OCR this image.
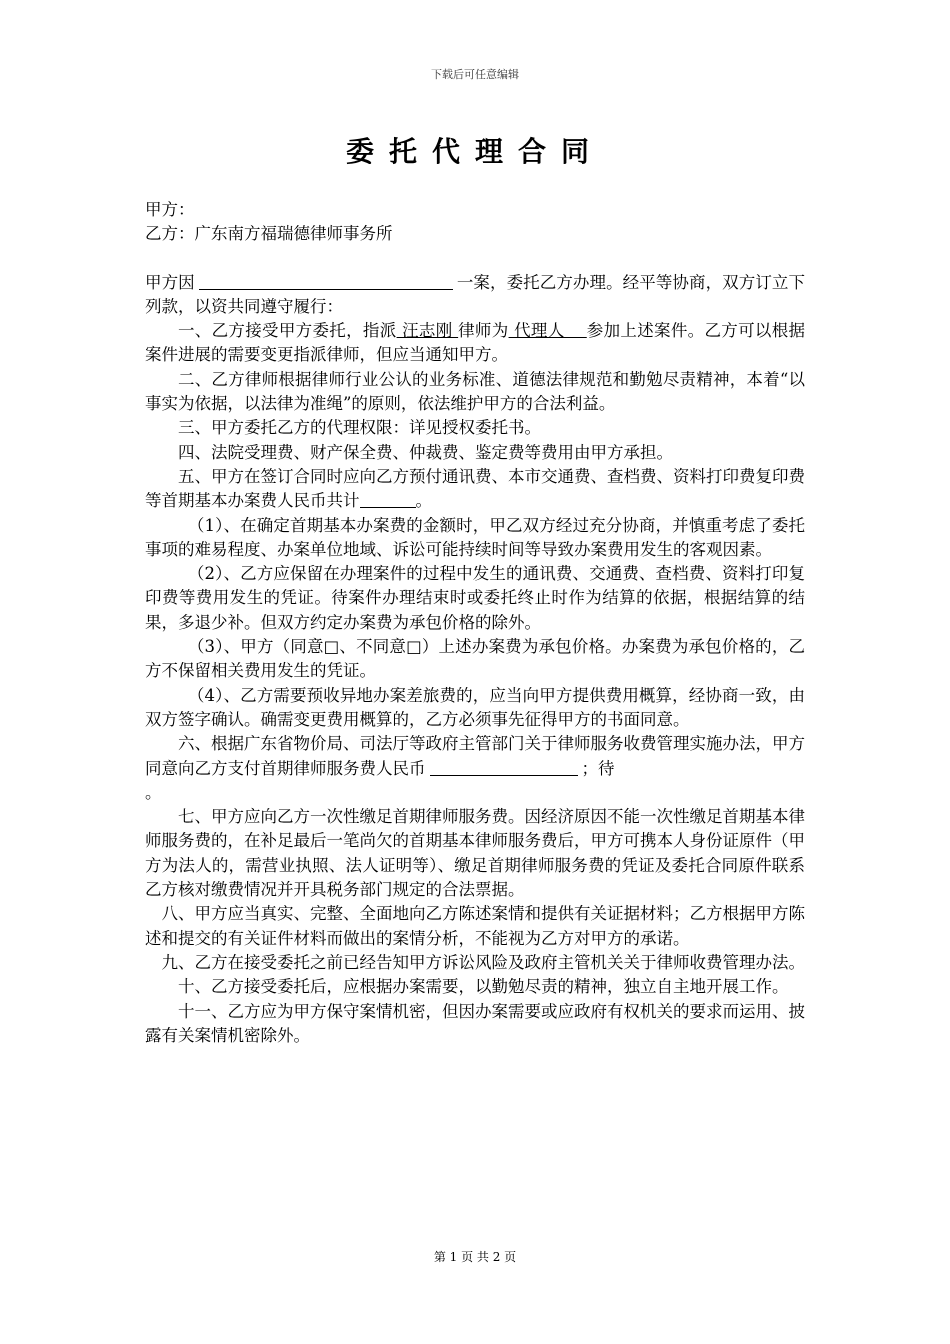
下载后可任意编辑
委托代理合同

甲方：

乙方：广东南方福瑞德律师事务所

甲方因	一案，委托乙方办理。经平等协商，双方订立下列款，以资共同遵守履行：

一、乙方接受甲方委托，指派 汪志刚 律师为 代理人    参加上述案件。乙方可以根据案件进展的需要变更指派律师，但应当通知甲方。

二、乙方律师根据律师行业公认的业务标准、道德法律规范和勤勉尽责精神，本着“以事实为依据，以法律为准绳”的原则，依法维护甲方的合法利益。

三、甲方委托乙方的代理权限：详见授权委托书。

四、法院受理费、财产保全费、仲裁费、鉴定费等费用由甲方承担。

五、甲方在签订合同时应向乙方预付通讯费、本市交通费、查档费、资料打印费复印费等首期基本办案费人民币共计	。

（1）、在确定首期基本办案费的金额时，甲乙双方经过充分协商，并慎重考虑了委托事项的难易程度、办案单位地域、诉讼可能持续时间等导致办案费用发生的客观因素。

（2）、乙方应保留在办理案件的过程中发生的通讯费、交通费、查档费、资料打印复印费等费用发生的凭证。待案件办理结束时或委托终止时作为结算的依据，根据结算的结果，多退少补。但双方约定办案费为承包价格的除外。

（3）、甲方（同意□、不同意□）上述办案费为承包价格。办案费为承包价格的，乙方不保留相关费用发生的凭证。

（4）、乙方需要预收异地办案差旅费的，应当向甲方提供费用概算，经协商一致，由双方签字确认。确需变更费用概算的，乙方必须事先征得甲方的书面同意。

六、根据广东省物价局、司法厅等政府主管部门关于律师服务收费管理实施办法，甲方同意向乙方支付首期律师服务费人民币	；待
。

七、甲方应向乙方一次性缴足首期律师服务费。因经济原因不能一次性缴足首期基本律师服务费的，在补足最后一笔尚欠的首期基本律师服务费后，甲方可携本人身份证原件（甲方为法人的，需营业执照、法人证明等）、缴足首期律师服务费的凭证及委托合同原件联系乙方核对缴费情况并开具税务部门规定的合法票据。

八、甲方应当真实、完整、全面地向乙方陈述案情和提供有关证据材料；乙方根据甲方陈述和提交的有关证件材料而做出的案情分析，不能视为乙方对甲方的承诺。

九、乙方在接受委托之前已经告知甲方诉讼风险及政府主管机关关于律师收费管理办法。

十、乙方接受委托后，应根据办案需要，以勤勉尽责的精神，独立自主地开展工作。

十一、乙方应为甲方保守案情机密，但因办案需要或应政府有权机关的要求而运用、披露有关案情机密除外。

第 1 页 共 2 页
